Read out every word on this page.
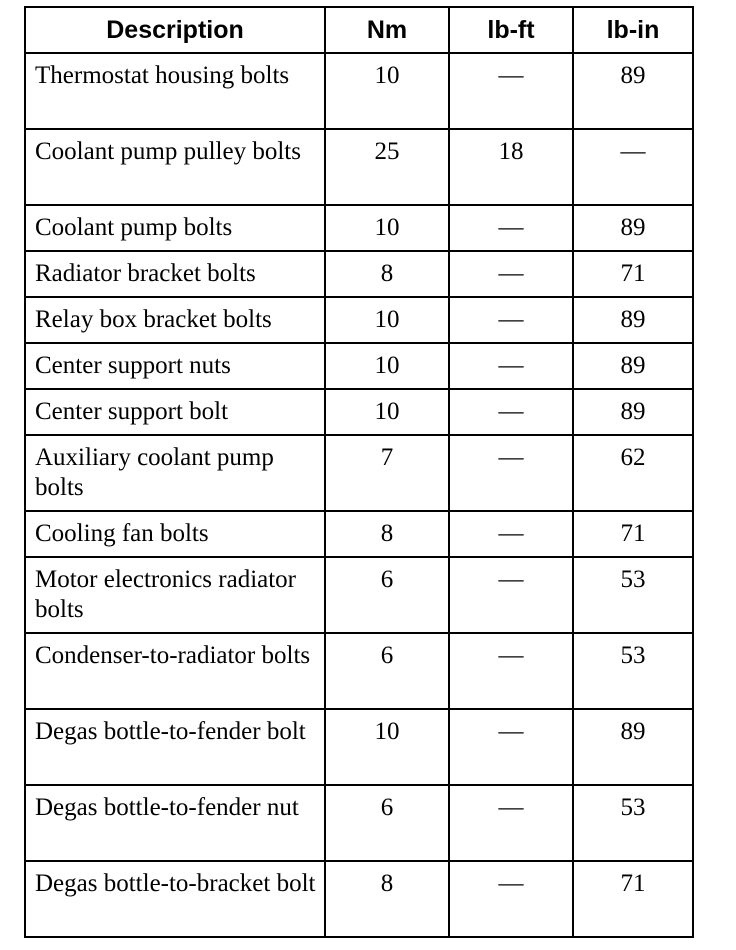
Description	Nm	lb-ft	lb-in
Thermostat housing bolts	10	—	89
Coolant pump pulley bolts	25	18	—
Coolant pump bolts	10	—	89
Radiator bracket bolts	8	—	71
Relay box bracket bolts	10	—	89
Center support nuts	10	—	89
Center support bolt	10	—	89
Auxiliary coolant pump bolts	7	—	62
Cooling fan bolts	8	—	71
Motor electronics radiator bolts	6	—	53
Condenser-to-radiator bolts	6	—	53
Degas bottle-to-fender bolt	10	—	89
Degas bottle-to-fender nut	6	—	53
Degas bottle-to-bracket bolt	8	—	71
